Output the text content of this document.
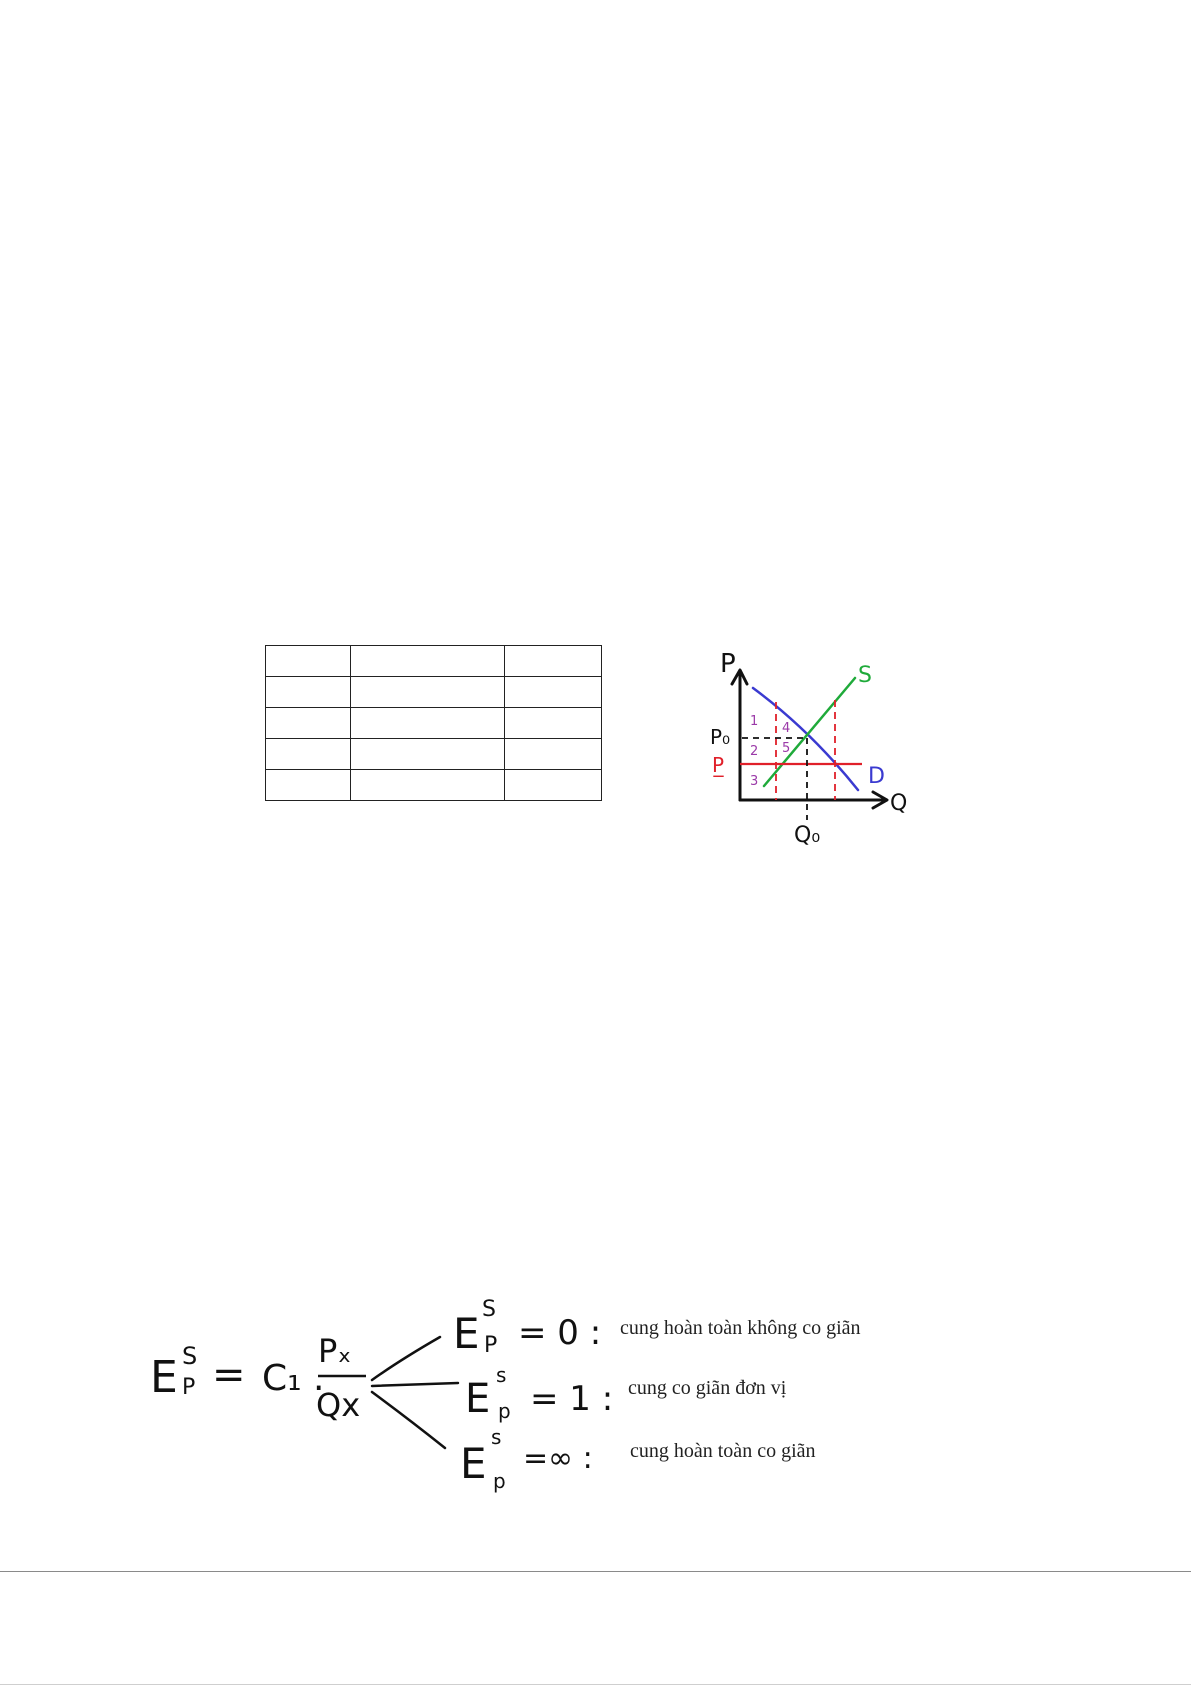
P
Q
S
D
P₀
P̲
Q₀
1
2
3
4
5
E S
P = C₁ .
Pₓ
Qx
E S
P = 0 : cung hoàn toàn không co giãn
E
s
p = 1 : cung co giãn đơn vị
E
s
p
=∞ : cung hoàn toàn co giãn
